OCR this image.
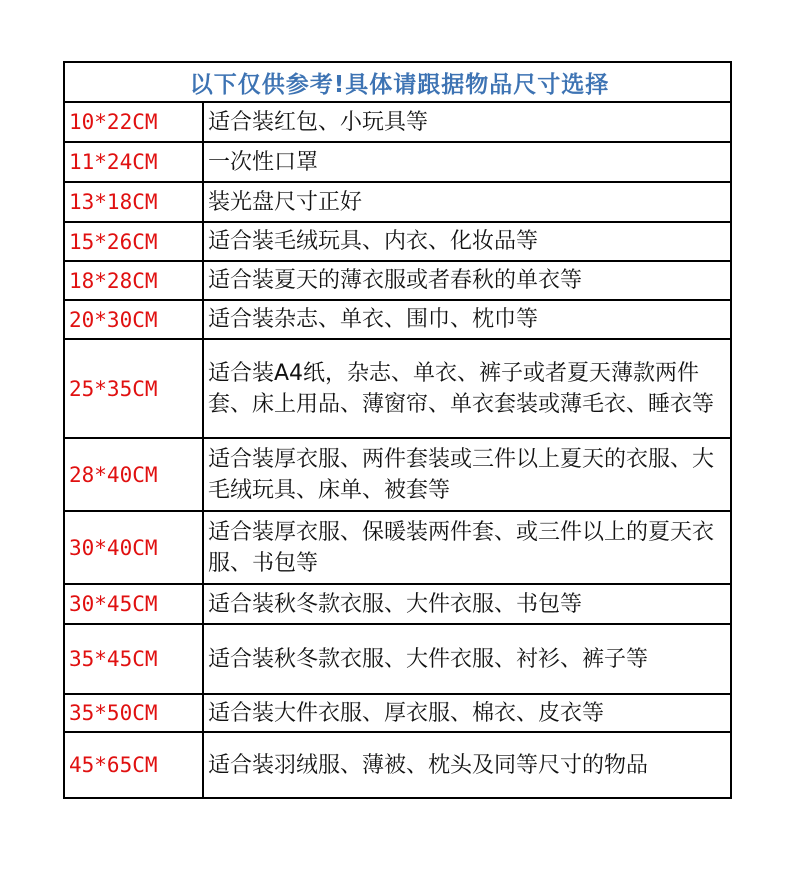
以下仅供参考!具体请跟据物品尺寸选择	
10*22CM	适合装红包、小玩具等
11*24CM	一次性口罩
13*18CM	装光盘尺寸正好
15*26CM	适合装毛绒玩具、内衣、化妆品等
18*28CM	适合装夏天的薄衣服或者春秋的单衣等
20*30CM	适合装杂志、单衣、围巾、枕巾等
25*35CM	适合装A4纸，杂志、单衣、裤子或者夏天薄款两件套、床上用品、薄窗帘、单衣套装或薄毛衣、睡衣等
28*40CM	适合装厚衣服、两件套装或三件以上夏天的衣服、大毛绒玩具、床单、被套等
30*40CM	适合装厚衣服、保暖装两件套、或三件以上的夏天衣服、书包等
30*45CM	适合装秋冬款衣服、大件衣服、书包等
35*45CM	适合装秋冬款衣服、大件衣服、衬衫、裤子等
35*50CM	适合装大件衣服、厚衣服、棉衣、皮衣等
45*65CM	适合装羽绒服、薄被、枕头及同等尺寸的物品
